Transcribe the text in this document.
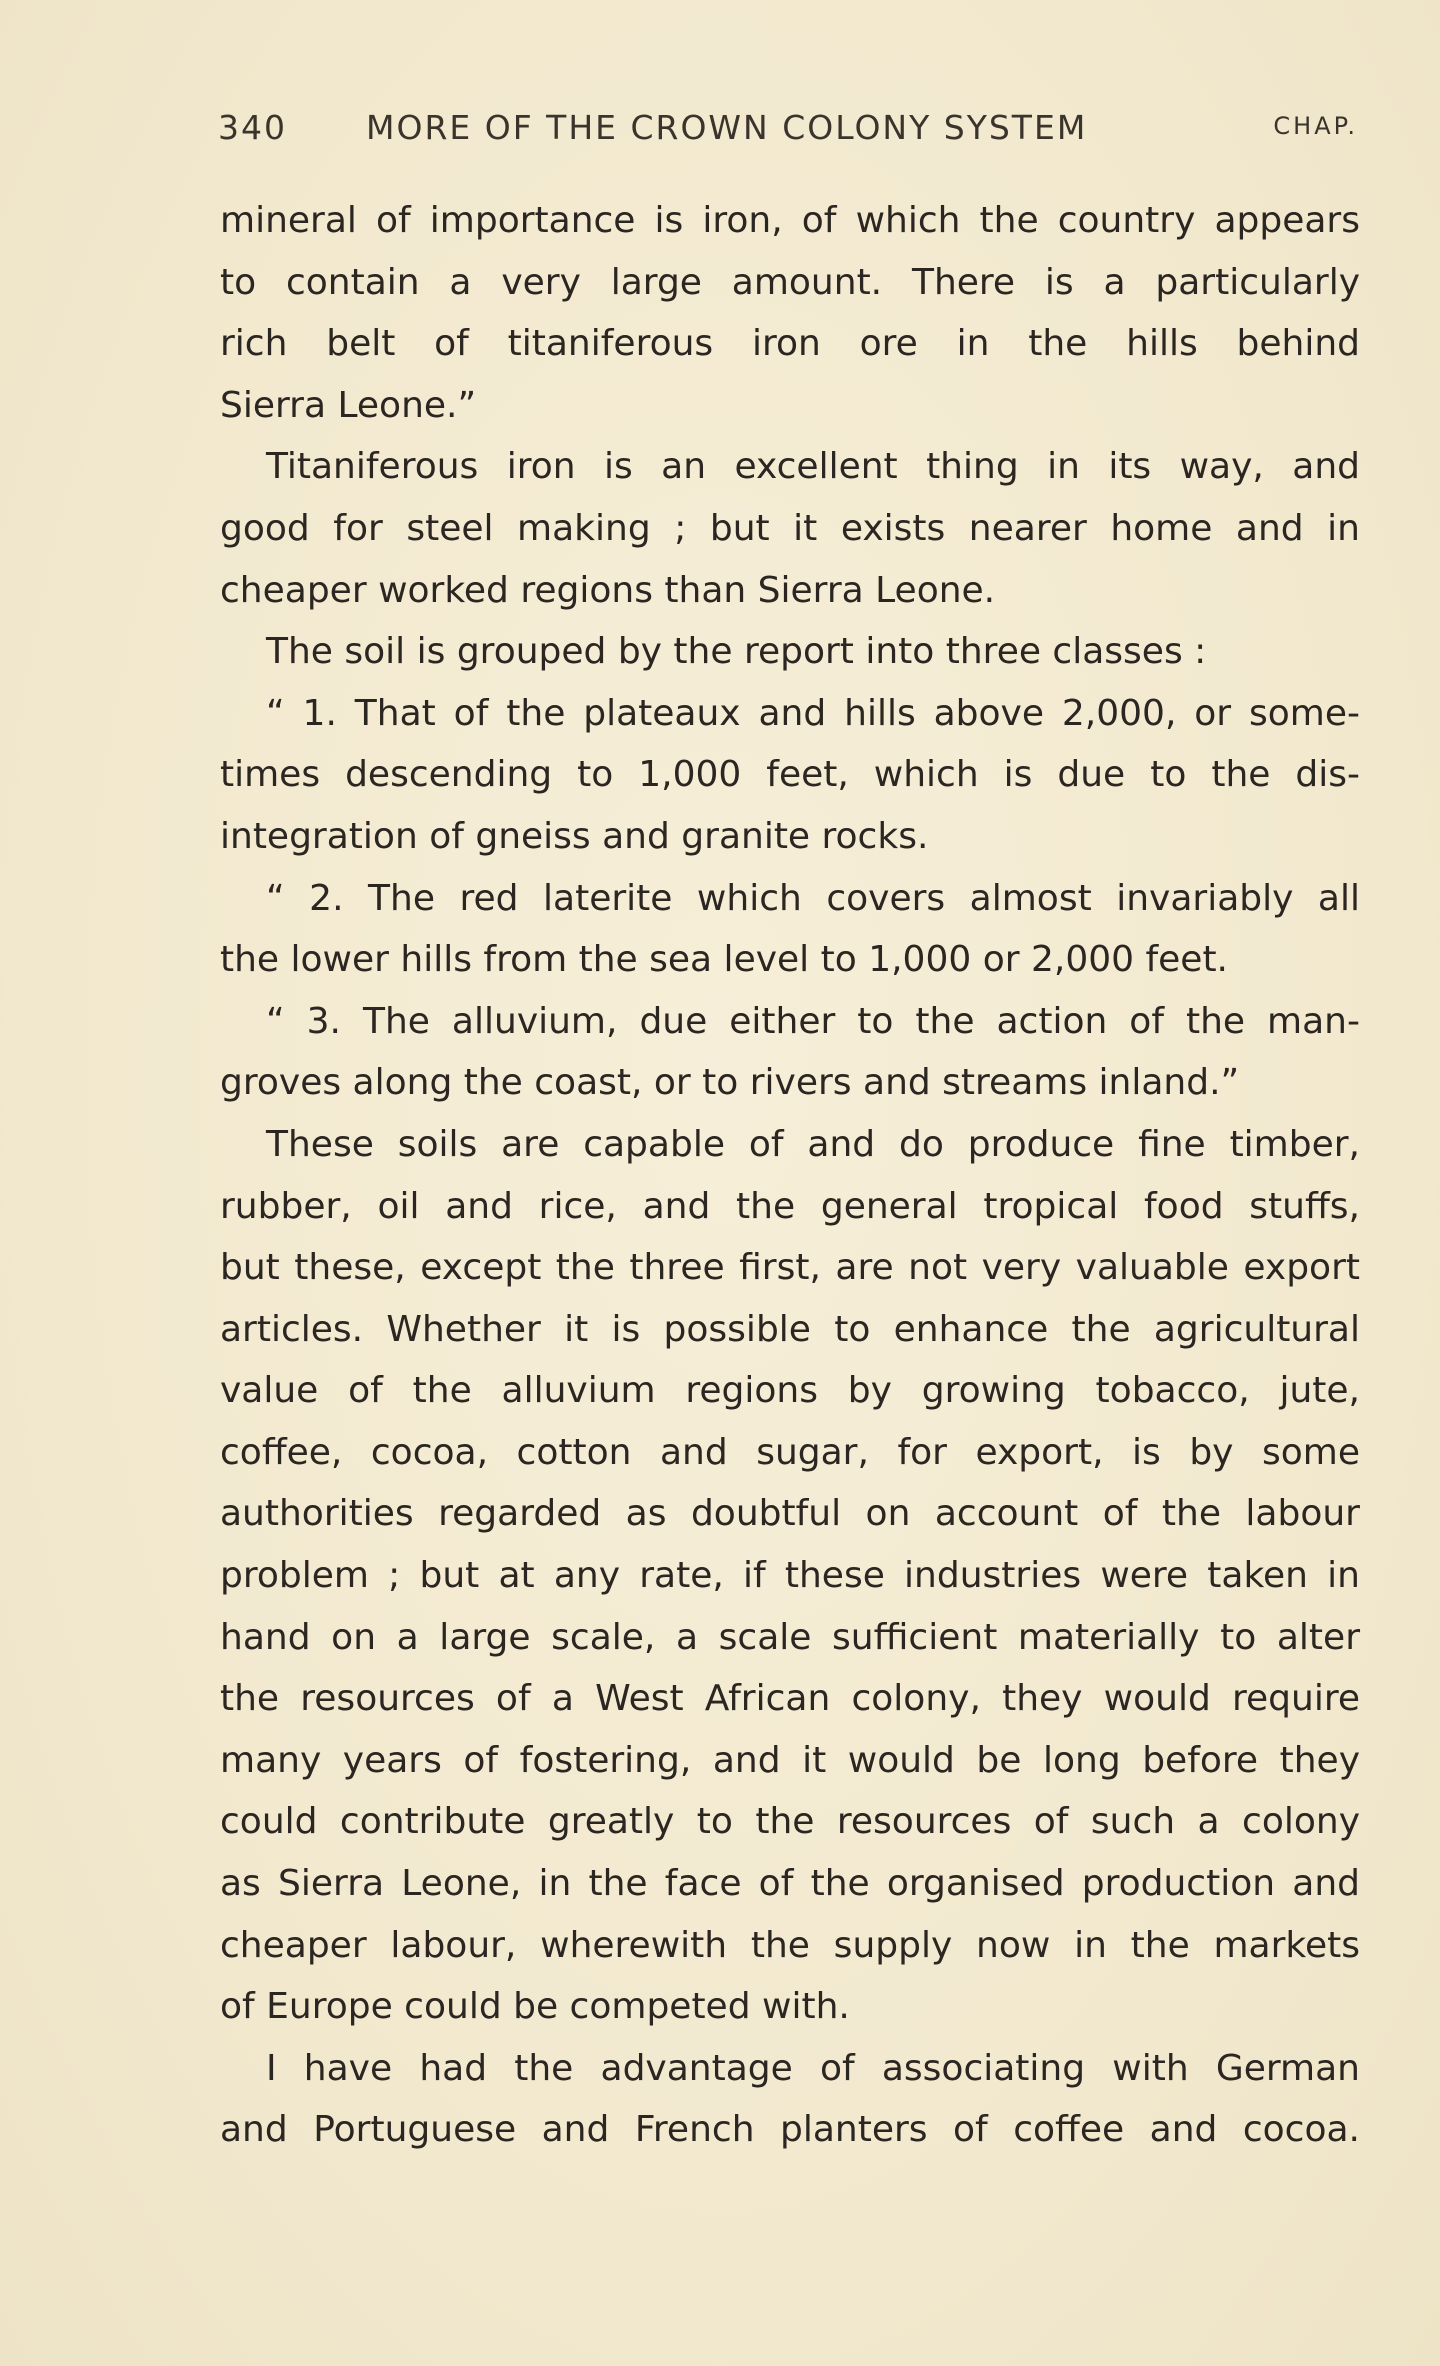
340 MORE OF THE CROWN COLONY SYSTEM	CHAP.
mineral of importance is iron, of which the country appears
to contain a very large amount. There is a particularly
rich belt of titaniferous iron ore in the hills behind
Sierra Leone.”
Titaniferous iron is an excellent thing in its way, and
good for steel making ; but it exists nearer home and in
cheaper worked regions than Sierra Leone.
The soil is grouped by the report into three classes :
“ 1. That of the plateaux and hills above 2,000, or some-
times descending to 1,000 feet, which is due to the dis-
integration of gneiss and granite rocks.
“ 2. The red laterite which covers almost invariably all
the lower hills from the sea level to 1,000 or 2,000 feet.
“ 3. The alluvium, due either to the action of the man-
groves along the coast, or to rivers and streams inland.”
These soils are capable of and do produce fine timber,
rubber, oil and rice, and the general tropical food stuffs,
but these, except the three first, are not very valuable export
articles. Whether it is possible to enhance the agricultural
value of the alluvium regions by growing tobacco, jute,
coffee, cocoa, cotton and sugar, for export, is by some
authorities regarded as doubtful on account of the labour
problem ; but at any rate, if these industries were taken in
hand on a large scale, a scale sufficient materially to alter
the resources of a West African colony, they would require
many years of fostering, and it would be long before they
could contribute greatly to the resources of such a colony
as Sierra Leone, in the face of the organised production and
cheaper labour, wherewith the supply now in the markets
of Europe could be competed with.
I have had the advantage of associating with German
and Portuguese and French planters of coffee and cocoa.
